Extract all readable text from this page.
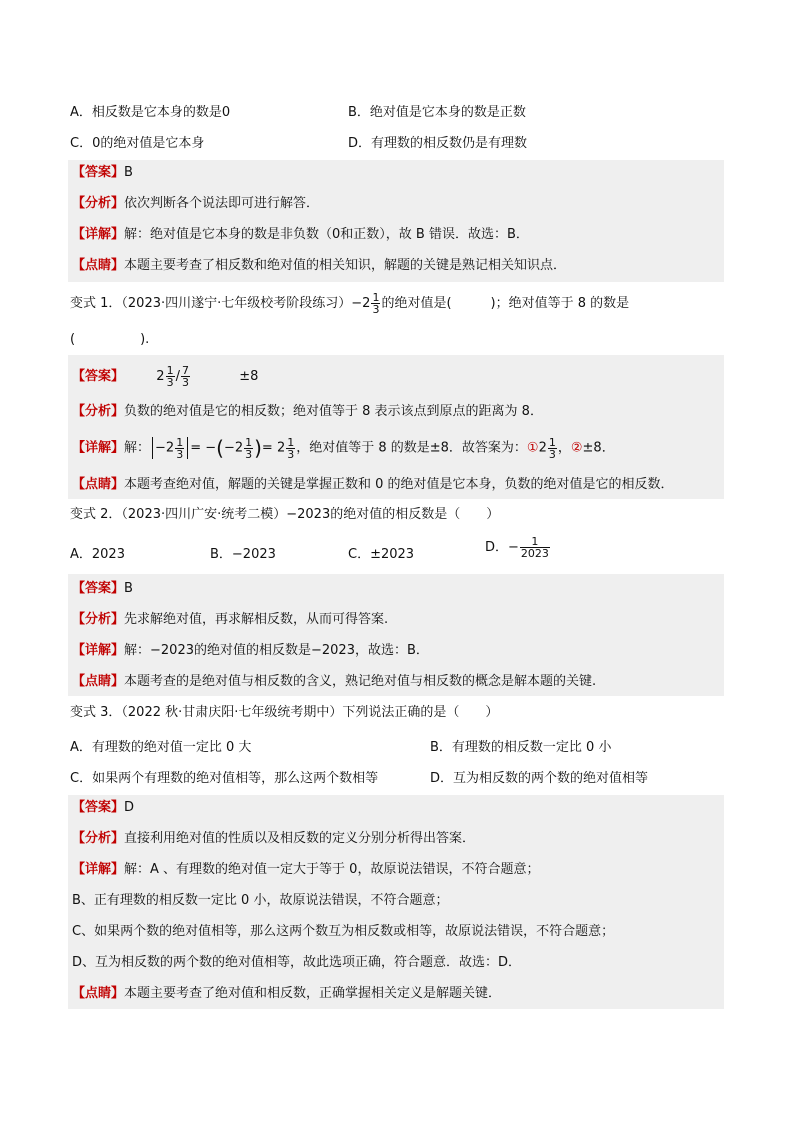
A．相反数是它本身的数是0	B．绝对值是它本身的数是正数
C．0的绝对值是它本身	D．有理数的相反数仍是有理数
【答案】B
【分析】依次判断各个说法即可进行解答．
【详解】解：绝对值是它本身的数是非负数（0和正数），故 B 错误．故选：B．
【点睛】本题主要考查了相反数和绝对值的相关知识，解题的关键是熟记相关知识点．
变式 1．（2023·四川遂宁·七年级校考阶段练习）$-2 \frac{1}{3}$ 的绝对值是(　　　)；绝对值等于 8 的数是
(　　　　　).
【答案】 $2 \frac{1}{3} / \frac{7}{3}$	±8
【分析】负数的绝对值是它的相反数；绝对值等于 8 表示该点到原点的距离为 8．
【详解】解： $-2 \frac{1}{3} = -(-2 \frac{1}{3}$ )= $2 \frac{1}{3}$ ，绝对值等于 8 的数是±8．故答案为：①2 $\frac{1}{3}$ ，②±8．
【点睛】本题考查绝对值，解题的关键是掌握正数和 0 的绝对值是它本身，负数的绝对值是它的相反数．
变式 2．（2023·四川广安·统考二模）−2023的绝对值的相反数是（　　）
A．2023	B．−2023	C．±2023	D．− $\frac{1}{2023}$
【答案】B
【分析】先求解绝对值，再求解相反数，从而可得答案.
【详解】解：−2023的绝对值的相反数是−2023，故选：B．
【点睛】本题考查的是绝对值与相反数的含义，熟记绝对值与相反数的概念是解本题的关键.
变式 3．（2022 秋·甘肃庆阳·七年级统考期中）下列说法正确的是（　　）
A．有理数的绝对值一定比 0 大	B．有理数的相反数一定比 0 小
C．如果两个有理数的绝对值相等，那么这两个数相等	D．互为相反数的两个数的绝对值相等
【答案】D
【分析】直接利用绝对值的性质以及相反数的定义分别分析得出答案．
【详解】解：A 、有理数的绝对值一定大于等于 0，故原说法错误，不符合题意；
B、正有理数的相反数一定比 0 小，故原说法错误，不符合题意；
C、如果两个数的绝对值相等，那么这两个数互为相反数或相等，故原说法错误，不符合题意；
D、互为相反数的两个数的绝对值相等，故此选项正确，符合题意．故选：D．
【点睛】本题主要考查了绝对值和相反数，正确掌握相关定义是解题关键．
